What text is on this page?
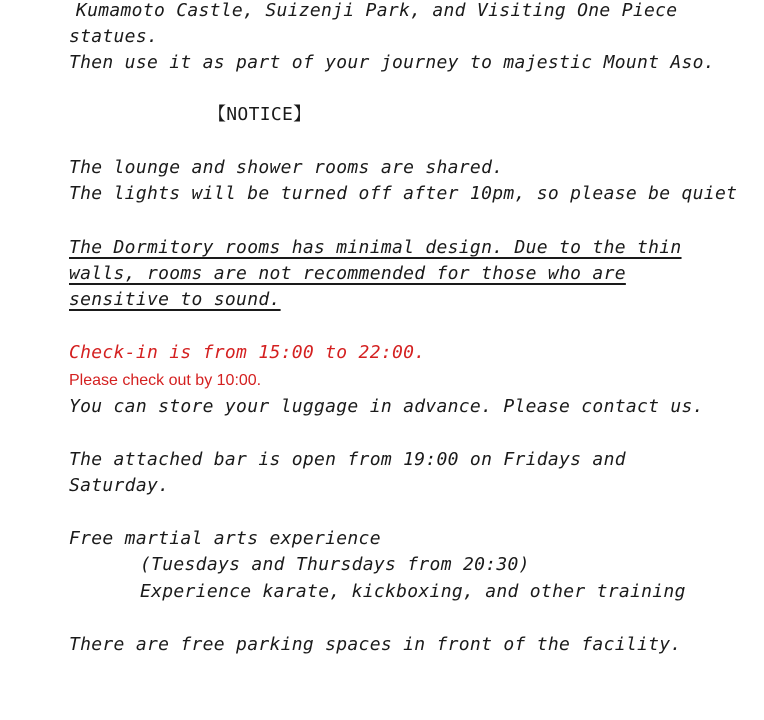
Kumamoto Castle, Suizenji Park, and Visiting One Piece
statues.
Then use it as part of your journey to majestic Mount Aso.
【NOTICE】
The lounge and shower rooms are shared.
The lights will be turned off after 10pm, so please be quiet
The Dormitory rooms has minimal design. Due to the thin
walls, rooms are not recommended for those who are
sensitive to sound.
Check-in is from 15:00 to 22:00.
Please check out by 10:00.
You can store your luggage in advance. Please contact us.
The attached bar is open from 19:00 on Fridays and
Saturday.
Free martial arts experience
(Tuesdays and Thursdays from 20:30)
Experience karate, kickboxing, and other training
There are free parking spaces in front of the facility.
